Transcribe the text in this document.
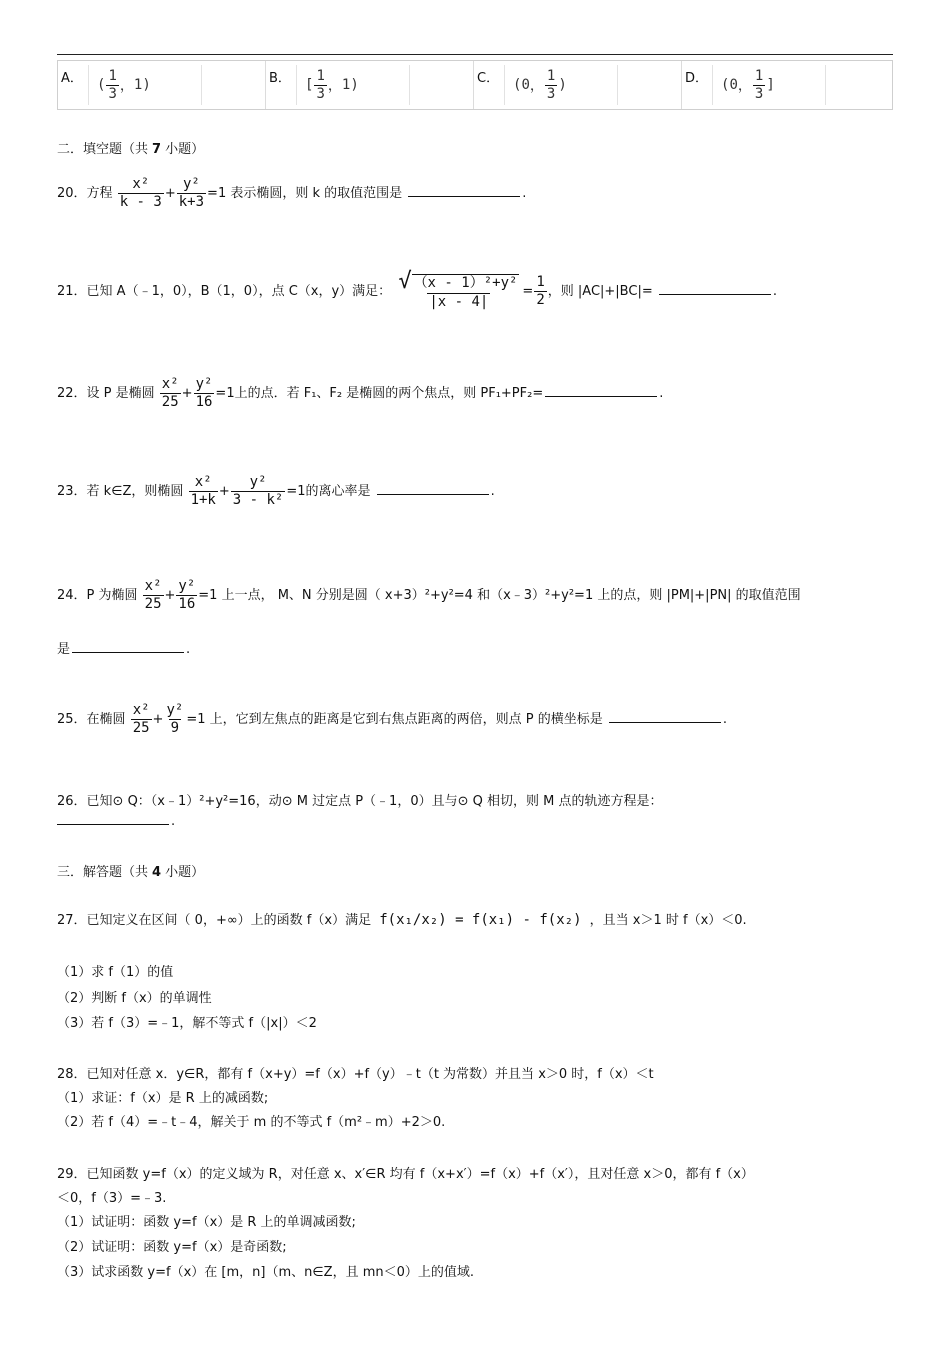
A． ( $\frac{1}{3}$ ， 1 )	B． [ $\frac{1}{3}$ ， 1 )	C． ( 0 ， $\frac{1}{3}$ )	D． ( 0 ， $\frac{1}{3}$ ]
二．填空题（共 7 小题）
20．方程 $\frac{\text{x²}}{k - 3} + \frac{\text{y²}}{k+3} =1$ 表示椭圆，则 k 的取值范围是	.
21．已知 A（﹣1，0），B（1，0），点 C（x，y）满足： $\frac{\text{√ （x - 1）²+y²}}{|x - 4|} = \frac{1}{2}$ ，则 |AC|+|BC|=	.
22．设 P 是椭圆 $\frac{\text{x²}}{25} + \frac{\text{y²}}{16} =1$上的点．若 F₁、F₂ 是椭圆的两个焦点，则 PF₁+PF₂=	.
23．若 k∈Z，则椭圆 $\frac{\text{x²}}{1+k} + \frac{\text{y²}}{\text{3 - k²}} =1$的离心率是	.
24．P 为椭圆 $\frac{\text{x²}}{25} + \frac{\text{y²}}{16} =1$ 上一点， M、N 分别是圆（ x+3）²+y²=4 和（x﹣3）²+y²=1 上的点，则 |PM|+|PN| 的取值范围
是	.
25．在椭圆 $\frac{\text{x²}}{25} + \frac{\text{y²}}{9} =1$ 上，它到左焦点的距离是它到右焦点距离的两倍，则点 P 的横坐标是	.
26．已知⊙ Q：（x﹣1）²+y²=16，动⊙ M 过定点 P（﹣1，0）且与⊙ Q 相切，则 M 点的轨迹方程是：
.
三．解答题（共 4 小题）
27．已知定义在区间（ 0，+∞）上的函数 f（x）满足 f(x₁/x₂) = f(x₁) - f(x₂) ，且当 x＞1 时 f（x）＜0.
（1）求 f（1）的值
（2）判断 f（x）的单调性
（3）若 f（3）=﹣1，解不等式 f（|x|）＜2
28．已知对任意 x．y∈R，都有 f（x+y）=f（x）+f（y）﹣t（t 为常数）并且当 x＞0 时，f（x）＜t
（1）求证：f（x）是 R 上的减函数;
（2）若 f（4）=﹣t﹣4，解关于 m 的不等式 f（m²﹣m）+2＞0.
29．已知函数 y=f（x）的定义域为 R，对任意 x、x′∈R 均有 f（x+x′）=f（x）+f（x′），且对任意 x＞0，都有 f（x）
＜0，f（3）=﹣3.
（1）试证明：函数 y=f（x）是 R 上的单调减函数;
（2）试证明：函数 y=f（x）是奇函数;
（3）试求函数 y=f（x）在 [m，n]（m、n∈Z，且 mn＜0）上的值域.
